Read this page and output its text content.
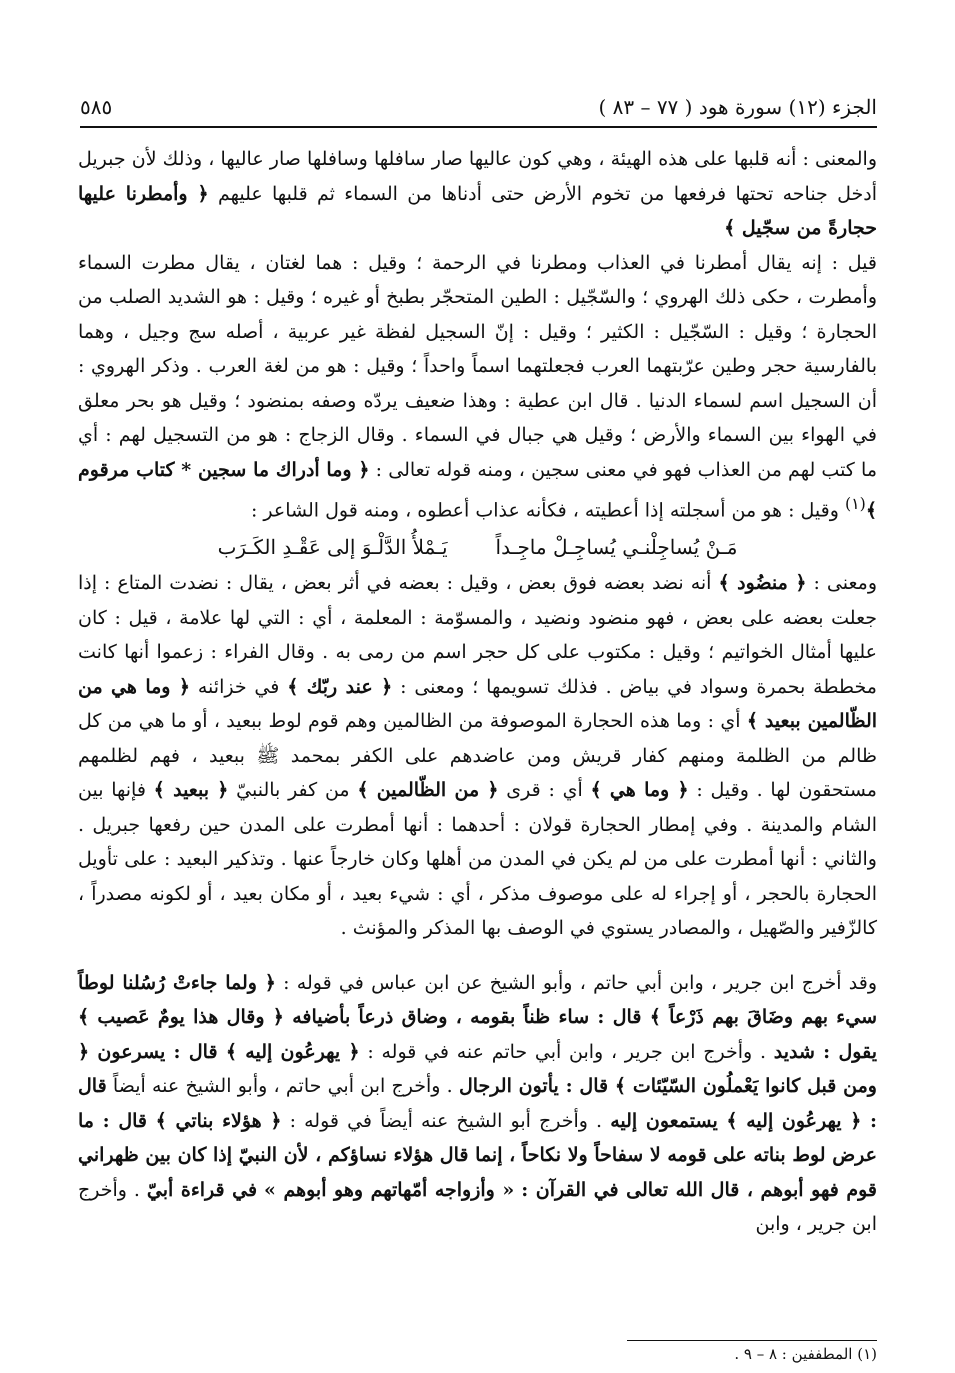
الجزء (١٢) سورة هود ( ٧٧ – ٨٣ )
٥٨٥

والمعنى : أنه قلبها على هذه الهيئة ، وهي كون عاليها صار سافلها وسافلها صار عاليها ، وذلك لأن جبريل أدخل جناحه تحتها فرفعها من تخوم الأرض حتى أدناها من السماء ثم قلبها عليهم ﴿ وأمطرنا عليها حجارةً من سجّيل ﴾

قيل : إنه يقال أمطرنا في العذاب ومطرنا في الرحمة ؛ وقيل : هما لغتان ، يقال مطرت السماء وأمطرت ، حكى ذلك الهروي ؛ والسّجّيل : الطين المتحجّر بطبخ أو غيره ؛ وقيل : هو الشديد الصلب من الحجارة ؛ وقيل : السّجّيل : الكثير ؛ وقيل : إنّ السجيل لفظة غير عربية ، أصله سج وجيل ، وهما بالفارسية حجر وطين عرّبتهما العرب فجعلتهما اسماً واحداً ؛ وقيل : هو من لغة العرب . وذكر الهروي : أن السجيل اسم لسماء الدنيا . قال ابن عطية : وهذا ضعيف يردّه وصفه بمنضود ؛ وقيل هو بحر معلق في الهواء بين السماء والأرض ؛ وقيل هي جبال في السماء . وقال الزجاج : هو من التسجيل لهم : أي ما كتب لهم من العذاب فهو في معنى سجين ، ومنه قوله تعالى : ﴿ وما أدراك ما سجين * كتاب مرقوم ﴾$^{(١)}$ وقيل : هو من أسجلته إذا أعطيته ، فكأنه عذاب أعطوه ، ومنه قول الشاعر :

مَـنْ يُساجِلْنـي يُساجِـلْ ماجِـداً
يَـمْلأُ الدَّلْـوَ إلى عَقْـدِ الكَـرَب

ومعنى : ﴿ منضُود ﴾ أنه نضد بعضه فوق بعض ، وقيل : بعضه في أثر بعض ، يقال : نضدت المتاع : إذا جعلت بعضه على بعض ، فهو منضود ونضيد ، والمسوّمة : المعلمة ، أي : التي لها علامة ، قيل : كان عليها أمثال الخواتيم ؛ وقيل : مكتوب على كل حجر اسم من رمى به . وقال الفراء : زعموا أنها كانت مخططة بحمرة وسواد في بياض . فذلك تسويمها ؛ ومعنى : ﴿ عند ربّك ﴾ في خزائنه ﴿ وما هي من الظّالمين ببعيد ﴾ أي : وما هذه الحجارة الموصوفة من الظالمين وهم قوم لوط ببعيد ، أو ما هي من كل ظالم من الظلمة ومنهم كفار قريش ومن عاضدهم على الكفر بمحمد ﷺ ببعيد ، فهم لظلمهم مستحقون لها . وقيل : ﴿ وما هي ﴾ أي : قرى ﴿ من الظّالمين ﴾ من كفر بالنبيّ ﴿ ببعيد ﴾ فإنها بين الشام والمدينة . وفي إمطار الحجارة قولان : أحدهما : أنها أمطرت على المدن حين رفعها جبريل . والثاني : أنها أمطرت على من لم يكن في المدن من أهلها وكان خارجاً عنها . وتذكير البعيد : على تأويل الحجارة بالحجر ، أو إجراء له على موصوف مذكر ، أي : شيء بعيد ، أو مكان بعيد ، أو لكونه مصدراً ، كالزّفير والصّهيل ، والمصادر يستوي في الوصف بها المذكر والمؤنث .

وقد أخرج ابن جرير ، وابن أبي حاتم ، وأبو الشيخ عن ابن عباس في قوله : ﴿ ولما جاءتْ رُسُلنا لوطاً سيء بهم وضَاقَ بهم ذَرْعاً ﴾ قال : ساء ظناً بقومه ، وضاق ذرعاً بأضيافه ﴿ وقال هذا يومٌ عَصيب ﴾ يقول : شديد . وأخرج ابن جرير ، وابن أبي حاتم عنه في قوله : ﴿ يهرعُون إليه ﴾ قال : يسرعون ﴿ ومن قبل كانوا يَعْملُون السّيّئات ﴾ قال : يأتون الرجال . وأخرج ابن أبي حاتم ، وأبو الشيخ عنه أيضاً قال : ﴿ يهرعُون إليه ﴾ يستمعون إليه . وأخرج أبو الشيخ عنه أيضاً في قوله : ﴿ هؤلاء بناتي ﴾ قال : ما عرض لوط بناته على قومه لا سفاحاً ولا نكاحاً ، إنما قال هؤلاء نساؤكم ، لأن النبيّ إذا كان بين ظهراني قوم فهو أبوهم ، قال الله تعالى في القرآن : « وأزواجه أمّهاتهم وهو أبوهم » في قراءة أبيّ . وأخرج ابن جرير ، وابن

(١) المطففين : ٨ – ٩ .
